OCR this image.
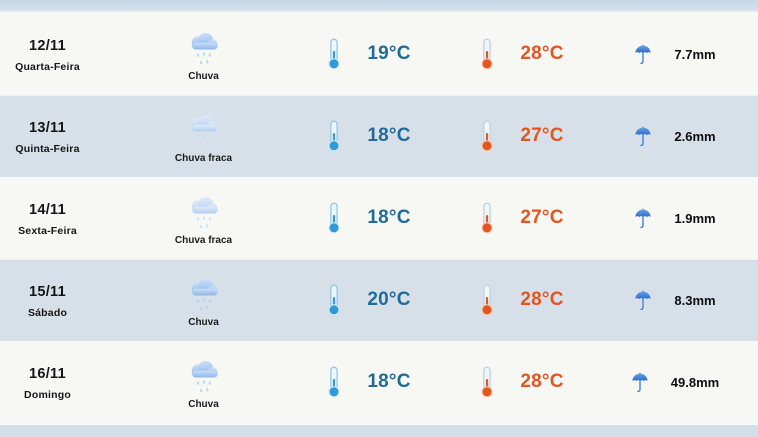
12/11
Quarta-Feira
Chuva
19°C	28°C	7.7mm
13/11
Quinta-Feira
Chuva fraca
18°C	27°C	2.6mm
14/11
Sexta-Feira
Chuva fraca
18°C	27°C	1.9mm
15/11
Sábado
Chuva
20°C	28°C	8.3mm
16/11
Domingo
Chuva
18°C	28°C	49.8mm
